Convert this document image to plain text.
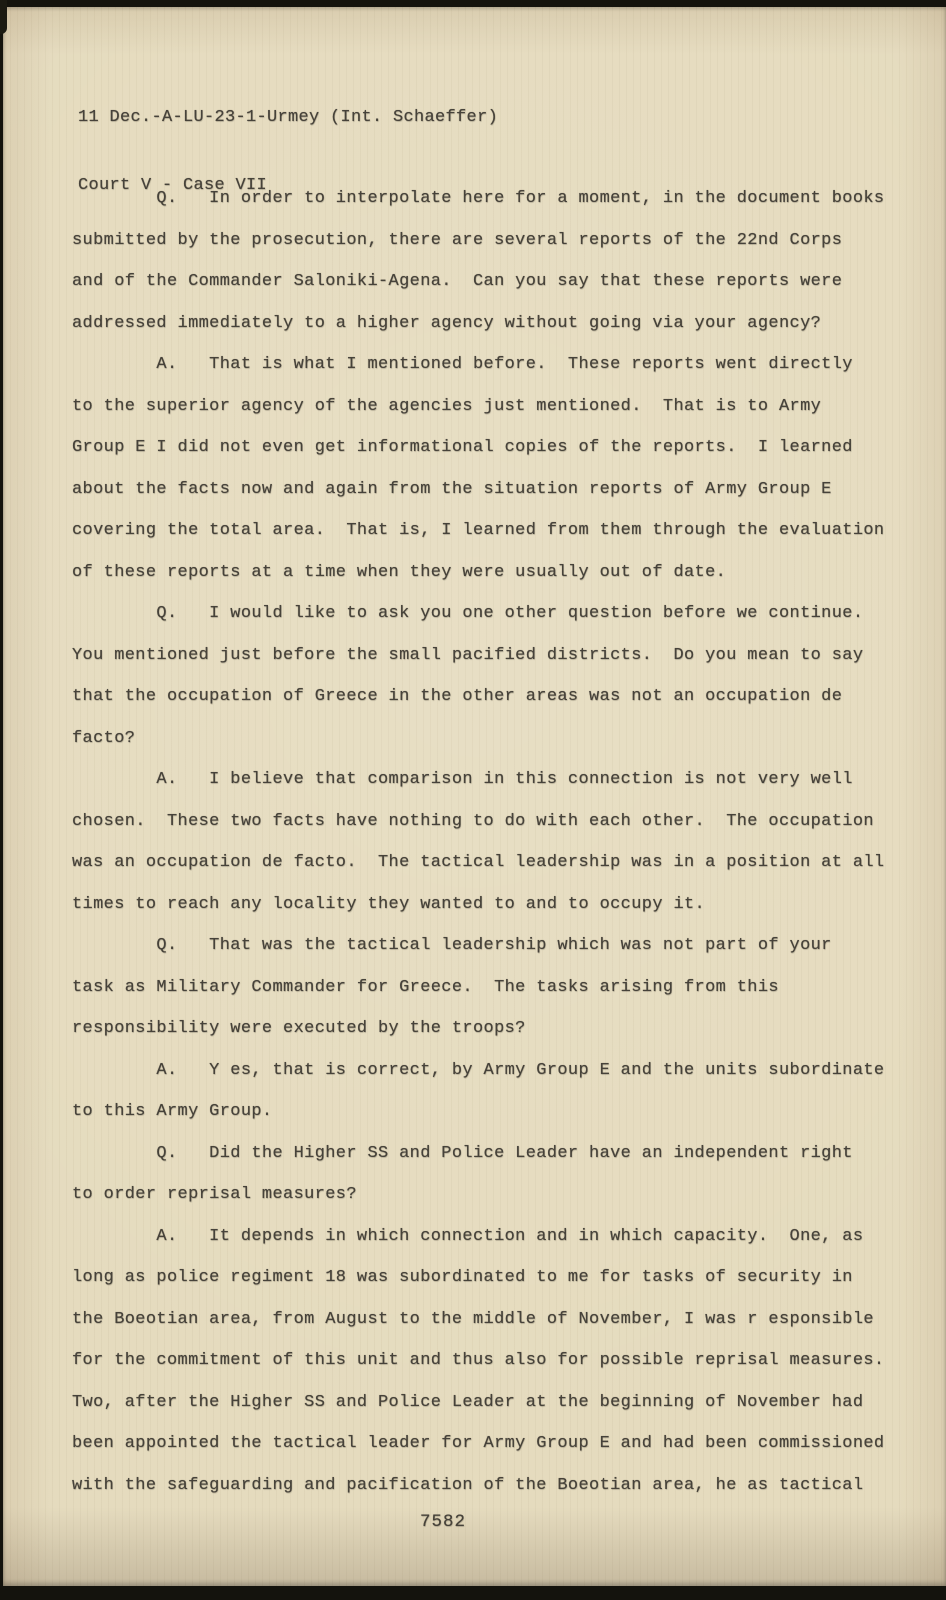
11 Dec.-A-LU-23-1-Urmey (Int. Schaeffer)

Court V - Case VII

Q.   In order to interpolate here for a moment, in the document books
submitted by the prosecution, there are several reports of the 22nd Corps
and of the Commander Saloniki-Agena.  Can you say that these reports were
addressed immediately to a higher agency without going via your agency?
A.   That is what I mentioned before.  These reports went directly
to the superior agency of the agencies just mentioned.  That is to Army
Group E I did not even get informational copies of the reports.  I learned
about the facts now and again from the situation reports of Army Group E
covering the total area.  That is, I learned from them through the evaluation
of these reports at a time when they were usually out of date.
Q.   I would like to ask you one other question before we continue.
You mentioned just before the small pacified districts.  Do you mean to say
that the occupation of Greece in the other areas was not an occupation de
facto?
A.   I believe that comparison in this connection is not very well
chosen.  These two facts have nothing to do with each other.  The occupation
was an occupation de facto.  The tactical leadership was in a position at all
times to reach any locality they wanted to and to occupy it.
Q.   That was the tactical leadership which was not part of your
task as Military Commander for Greece.  The tasks arising from this
responsibility were executed by the troops?
A.   Y es, that is correct, by Army Group E and the units subordinate
to this Army Group.
Q.   Did the Higher SS and Police Leader have an independent right
to order reprisal measures?
A.   It depends in which connection and in which capacity.  One, as
long as police regiment 18 was subordinated to me for tasks of security in
the Boeotian area, from August to the middle of November, I was r esponsible
for the commitment of this unit and thus also for possible reprisal measures.
Two, after the Higher SS and Police Leader at the beginning of November had
been appointed the tactical leader for Army Group E and had been commissioned
with the safeguarding and pacification of the Boeotian area, he as tactical
7582
